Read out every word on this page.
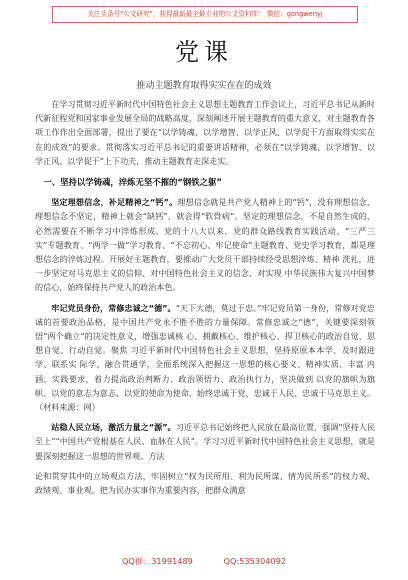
关注头条号"公文研究"，获得最新最全最专业的公文资料库！ 微信：gongwenyj
党课
推动主题教育取得实实在在的成效

在学习贯彻习近平新时代中国特色社会主义思想主题教育工作会议上，习近平总书记从新时代新征程党和国家事业发展全局的战略高度，深刻阐述开展主题教育的重大意义，对主题教育各项工作作出全面部署，提出了要在“以学铸魂、以学增智、以学正风、以学促干方面取得实实在在的成效”的要求。贯彻落实习近平总书记的重要讲话精神，必须在“以学铸魂、以学增智、以学正风、以学促干”上下功夫，推动主题教育走深走实。

一、坚持以学铸魂，淬炼无坚不摧的“钢铁之躯”

坚定理想信念，补足精神之“钙”。理想信念就是共产党人精神上的“钙”，没有理想信念，理想信念不坚定，精神上就会“缺钙”，就会得“软骨病”。坚定的理想信念，不是自然生成的，必然需要在不断学习中淬炼形成。党的十八大以来，党的群众路线教育实践活动、“三严三实”专题教育、“两学一做”学习教育、“不忘初心、牢记使命”主题教育、党史学习教育，都是理想信念的淬炼过程。开展好主题教育，要推动广大党员干部持续经受思想淬炼、精神 洗礼，进一步坚定对马克思主义的信仰、对中国特色社会主义的信念、对实现 中华民族伟大复兴中国梦的信心，始终保持共产党人的政治本色。

牢记党员身份，常修忠诚之“德”。“天下大德，莫过于忠。”牢记党员第一身份，常修对党忠诚的首要政治品格，是中国共产党永不胜不胜的力量保障。常修忠诚之“德”，关键要深刻领悟“两个确立”的决定性意义，增强忠诚核 心、拥戴核心、维护核心、捍卫核心的政治自觉、思想自觉、行动自觉。聚焦 习近平新时代中国特色社会主义思想，坚持原原本本学、及时跟进学、联系实 际学、融合贯通学，全面系统深入把握这一思想的核心要义、精神实质、丰富 内涵、实践要求，着力提高政治判断力、政治领悟力、政治执行力，坚决做到 以党的旗帜为旗帜、以党的意志为意志、以党的使命为使命，始终忠诚于党、忠诚于人民、忠诚于马克思主义。（材料来源：网）

站稳人民立场，激活力量之“源”。习近平总书记始终把人民放在最高位置，强调“坚持人民至上”“中国共产党根基在人民、血脉在人民”。学习习近平新时代中国特色社会主义思想，就是要深刻把握这一思想的世界观、方法

论和贯穿其中的立场观点方法，牢固树立“权为民所用、利为民所谋、情为民所系”的权力观、政绩观、事业观。把为民办实事作为重要内容，把群众满意

QQ群：31991489	QQ:535304092
